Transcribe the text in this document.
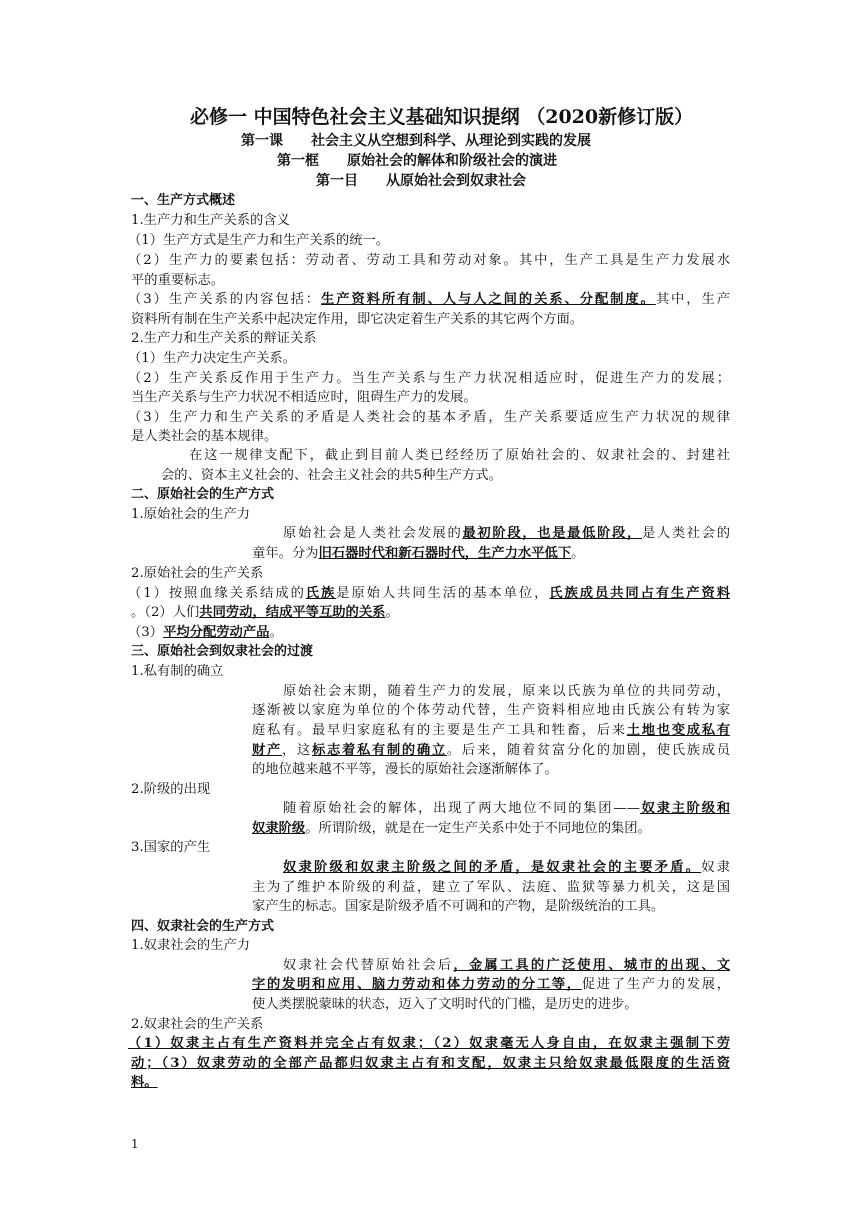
必修一 中国特色社会主义基础知识提纲 （2020新修订版）
第一课　　社会主义从空想到科学、从理论到实践的发展
第一框　　原始社会的解体和阶级社会的演进
第一目　　从原始社会到奴隶社会
一、生产方式概述
1.生产力和生产关系的含义
（1）生产方式是生产力和生产关系的统一。
（2）生产力的要素包括：劳动者、劳动工具和劳动对象。其中，生产工具是生产力发展水
平的重要标志。
（3）生产关系的内容包括：生产资料所有制、人与人之间的关系、分配制度。其中，生产
资料所有制在生产关系中起决定作用，即它决定着生产关系的其它两个方面。
2.生产力和生产关系的辩证关系
（1）生产力决定生产关系。
（2）生产关系反作用于生产力。当生产关系与生产力状况相适应时，促进生产力的发展；
当生产关系与生产力状况不相适应时，阻碍生产力的发展。
（3）生产力和生产关系的矛盾是人类社会的基本矛盾，生产关系要适应生产力状况的规律
是人类社会的基本规律。
在这一规律支配下，截止到目前人类已经经历了原始社会的、奴隶社会的、封建社
会的、资本主义社会的、社会主义社会的共5种生产方式。
二、原始社会的生产方式
1.原始社会的生产力
原始社会是人类社会发展的最初阶段，也是最低阶段，是人类社会的
童年。分为旧石器时代和新石器时代，生产力水平低下。
2.原始社会的生产关系
（1）按照血缘关系结成的氏族是原始人共同生活的基本单位，氏族成员共同占有生产资料
。（2）人们共同劳动，结成平等互助的关系。
（3）平均分配劳动产品。
三、原始社会到奴隶社会的过渡
1.私有制的确立
原始社会末期，随着生产力的发展，原来以氏族为单位的共同劳动，
逐渐被以家庭为单位的个体劳动代替，生产资料相应地由氏族公有转为家
庭私有。最早归家庭私有的主要是生产工具和牲畜，后来土地也变成私有
财产，这标志着私有制的确立。后来，随着贫富分化的加剧，使氏族成员
的地位越来越不平等，漫长的原始社会逐渐解体了。
2.阶级的出现
随着原始社会的解体，出现了两大地位不同的集团——奴隶主阶级和
奴隶阶级。所谓阶级，就是在一定生产关系中处于不同地位的集团。
3.国家的产生
奴隶阶级和奴隶主阶级之间的矛盾，是奴隶社会的主要矛盾。奴隶
主为了维护本阶级的利益，建立了军队、法庭、监狱等暴力机关，这是国
家产生的标志。国家是阶级矛盾不可调和的产物，是阶级统治的工具。
四、奴隶社会的生产方式
1.奴隶社会的生产力
奴隶社会代替原始社会后，金属工具的广泛使用、城市的出现、文
字的发明和应用、脑力劳动和体力劳动的分工等，促进了生产力的发展，
使人类摆脱蒙昧的状态，迈入了文明时代的门槛，是历史的进步。
2.奴隶社会的生产关系
（1）奴隶主占有生产资料并完全占有奴隶；（2）奴隶毫无人身自由，在奴隶主强制下劳
动；（3）奴隶劳动的全部产品都归奴隶主占有和支配，奴隶主只给奴隶最低限度的生活资
料。
1
